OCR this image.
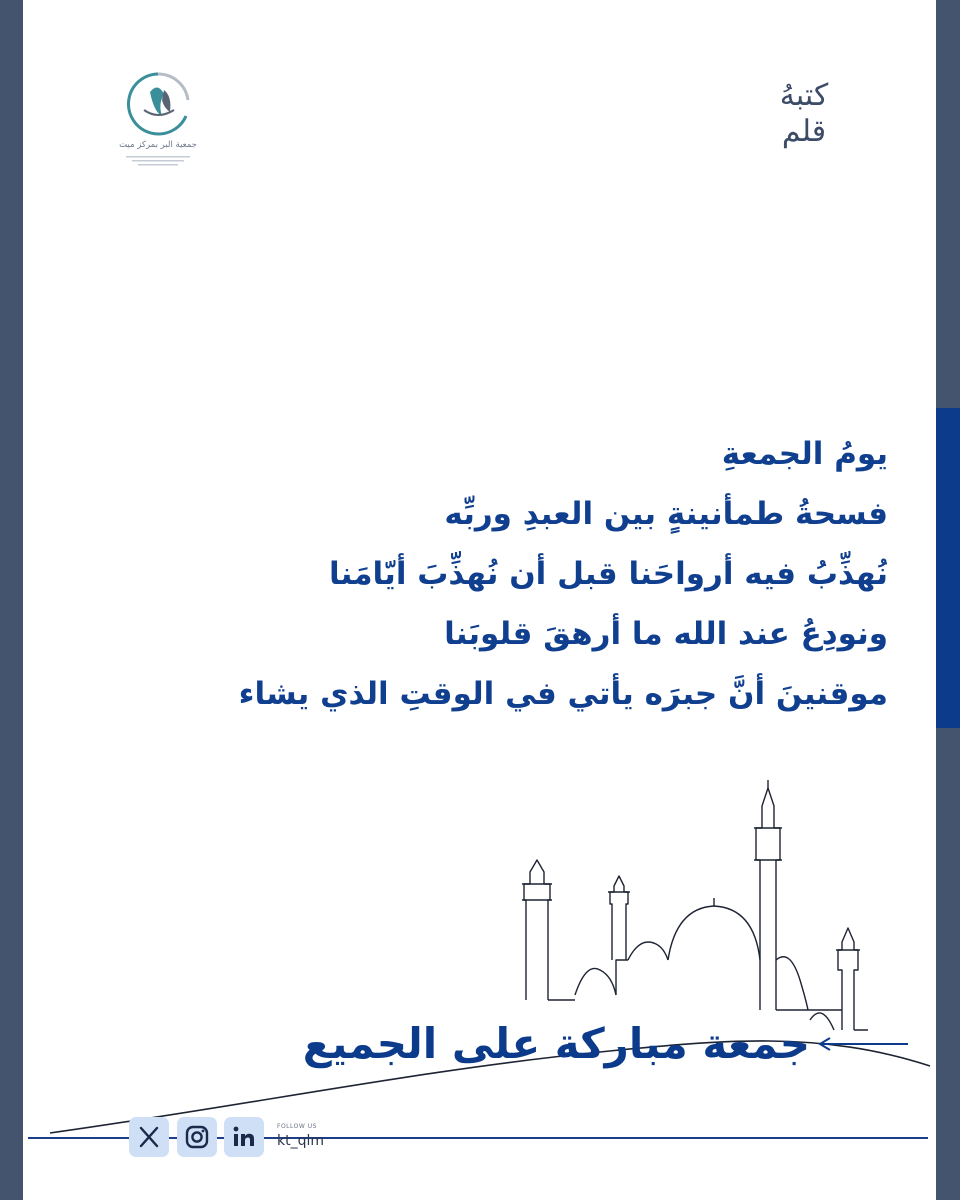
جمعية البر بمركز ميت
كتبهُ
قلم
يومُ الجمعةِ
فسحةُ طمأنينةٍ بين العبدِ وربِّه
نُهذِّبُ فيه أرواحَنا قبل أن نُهذِّبَ أيّامَنا
ونودِعُ عند الله ما أرهقَ قلوبَنا
موقنينَ أنَّ جبرَه يأتي في الوقتِ الذي يشاء
جمعة مباركة على الجميع
FOLLOW US
kt_qlm
